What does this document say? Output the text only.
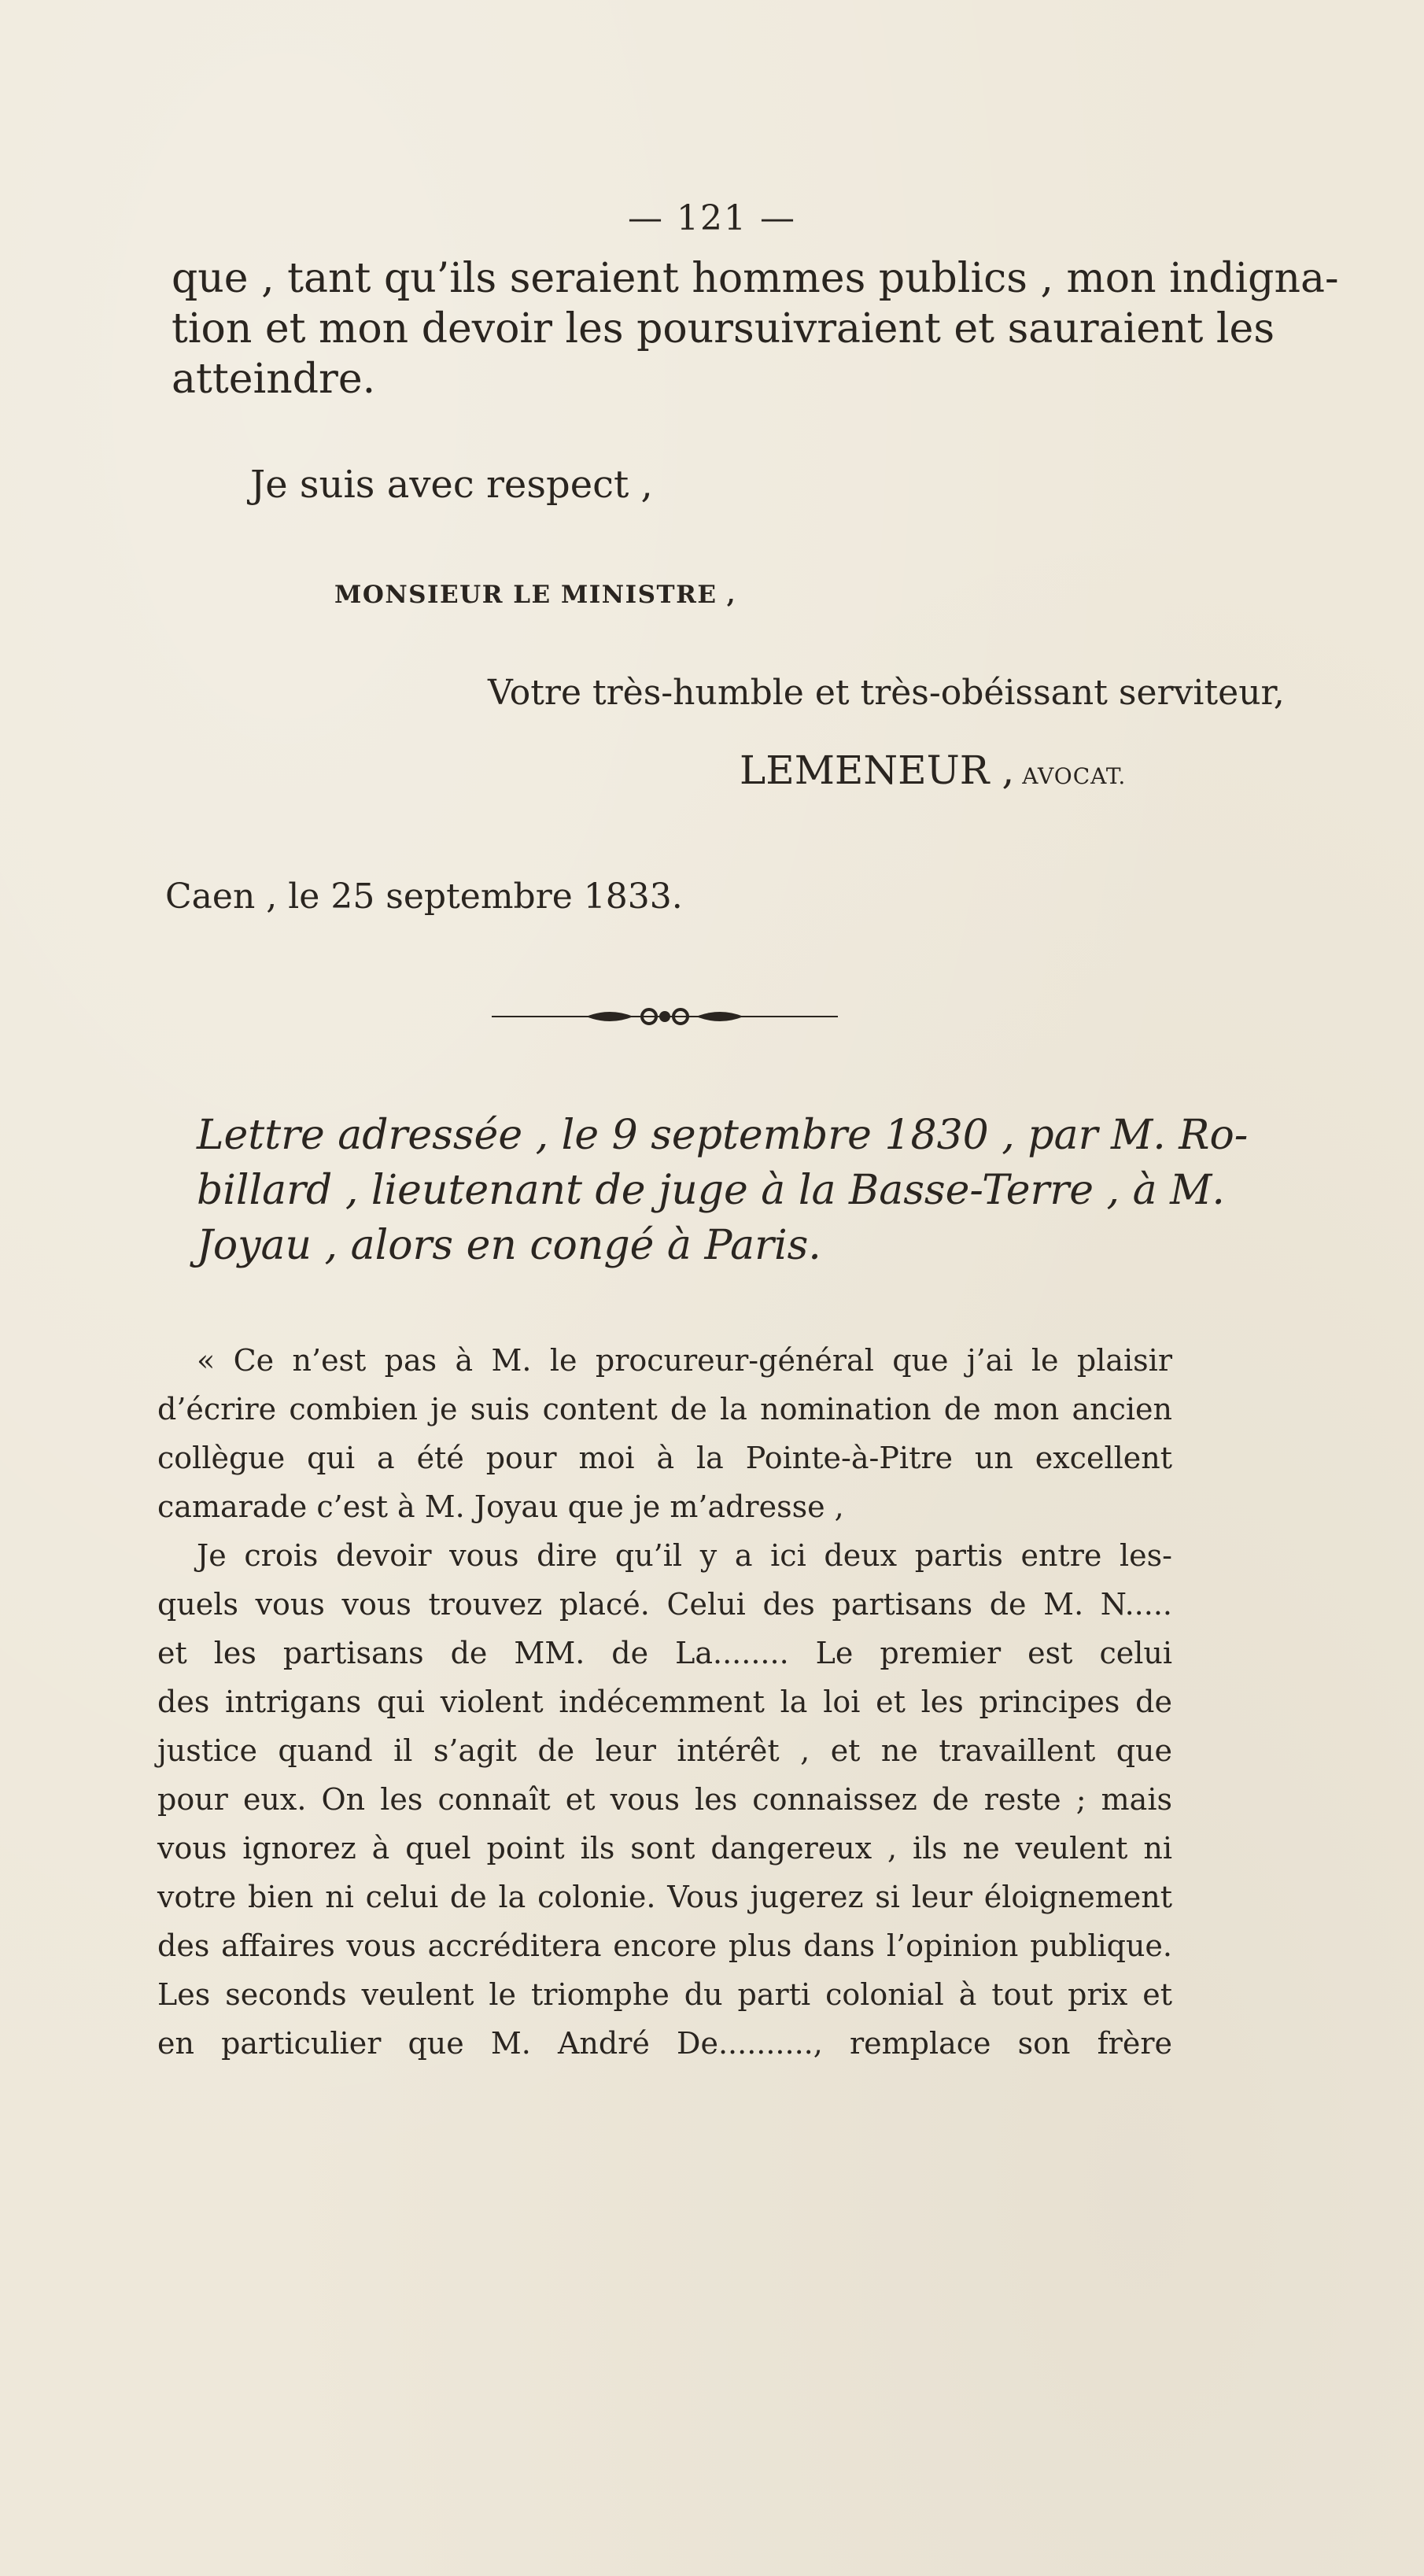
— 121 —
que , tant qu’ils seraient hommes publics , mon indigna-
tion et mon devoir les poursuivraient et sauraient les
atteindre.
Je suis avec respect ,
MONSIEUR LE MINISTRE ,
Votre très-humble et très-obéissant serviteur,
LEMENEUR , AVOCAT.
Caen , le 25 septembre 1833.
Lettre adressée , le 9 septembre 1830 , par M. Ro-
billard , lieutenant de juge à la Basse-Terre , à M.
Joyau , alors en congé à Paris.
« Ce n’est pas à M. le procureur-général que j’ai le plaisir
d’écrire combien je suis content de la nomination de mon ancien
collègue qui a été pour moi à la Pointe-à-Pitre un excellent
camarade c’est à M. Joyau que je m’adresse ,
Je crois devoir vous dire qu’il y a ici deux partis entre les-
quels vous vous trouvez placé. Celui des partisans de M. N.....
et les partisans de MM. de La........ Le premier est celui
des intrigans qui violent indécemment la loi et les principes de
justice quand il s’agit de leur intérêt , et ne travaillent que
pour eux. On les connaît et vous les connaissez de reste ; mais
vous ignorez à quel point ils sont dangereux , ils ne veulent ni
votre bien ni celui de la colonie. Vous jugerez si leur éloignement
des affaires vous accréditera encore plus dans l’opinion publique.
Les seconds veulent le triomphe du parti colonial à tout prix et
en particulier que M. André De.........., remplace son frère
